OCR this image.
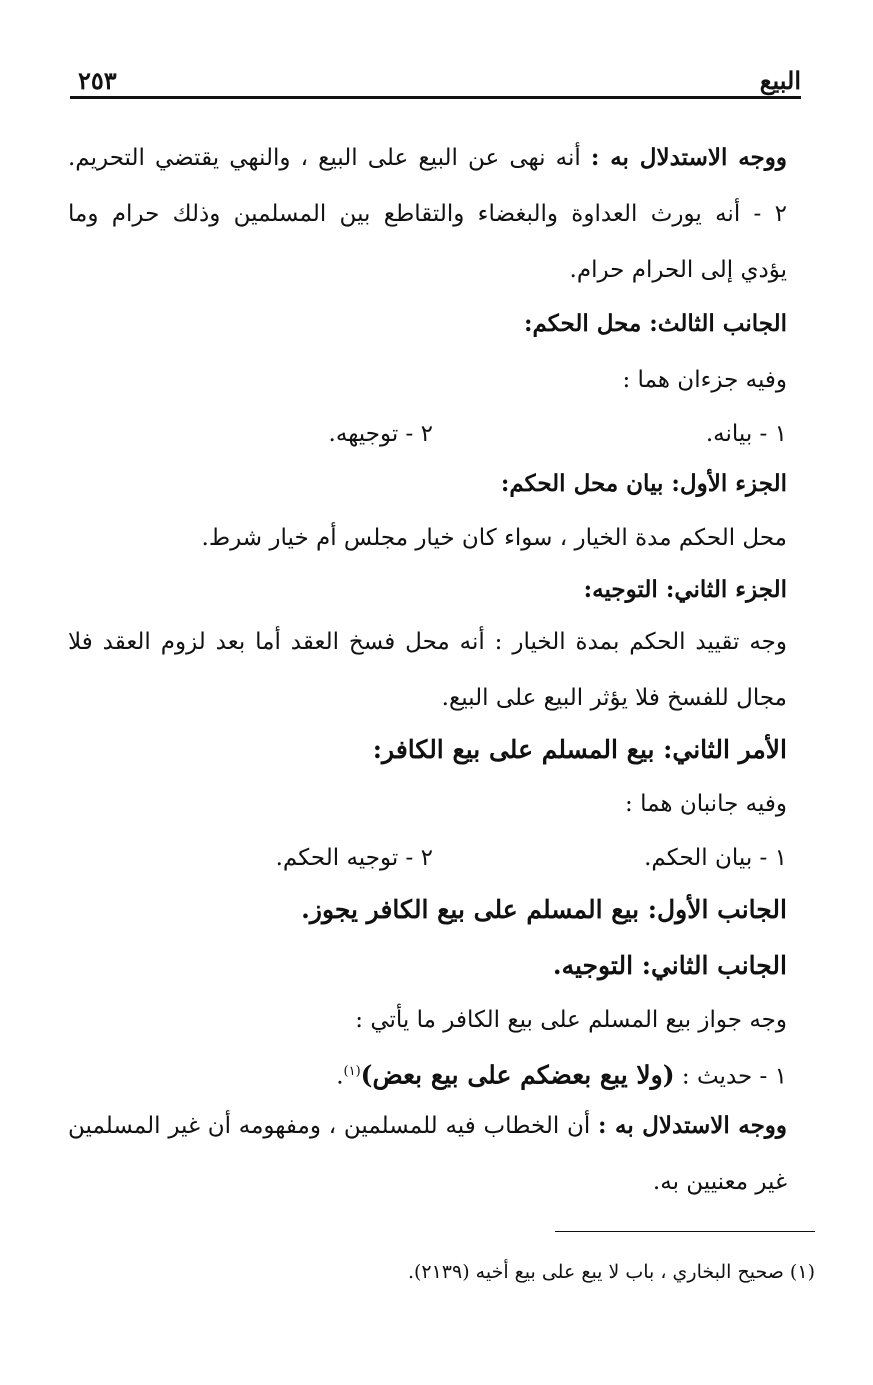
البيع
٢٥٣
ووجه الاستدلال به : أنه نهى عن البيع على البيع ، والنهي يقتضي التحريم.
٢ - أنه يورث العداوة والبغضاء والتقاطع بين المسلمين وذلك حرام وما
يؤدي إلى الحرام حرام.
الجانب الثالث: محل الحكم:
وفيه جزءان هما :
١ - بيانه.
٢ - توجيهه.
الجزء الأول: بيان محل الحكم:
محل الحكم مدة الخيار ، سواء كان خيار مجلس أم خيار شرط.
الجزء الثاني: التوجيه:
وجه تقييد الحكم بمدة الخيار : أنه محل فسخ العقد أما بعد لزوم العقد فلا
مجال للفسخ فلا يؤثر البيع على البيع.
الأمر الثاني: بيع المسلم على بيع الكافر:
وفيه جانبان هما :
١ - بيان الحكم.
٢ - توجيه الحكم.
الجانب الأول: بيع المسلم على بيع الكافر يجوز.
الجانب الثاني: التوجيه.
وجه جواز بيع المسلم على بيع الكافر ما يأتي :
١ - حديث : (ولا يبع بعضكم على بيع بعض)$^{(١)}$.
ووجه الاستدلال به : أن الخطاب فيه للمسلمين ، ومفهومه أن غير المسلمين
غير معنيين به.
(١) صحيح البخاري ، باب لا يبع على بيع أخيه (٢١٣٩).
